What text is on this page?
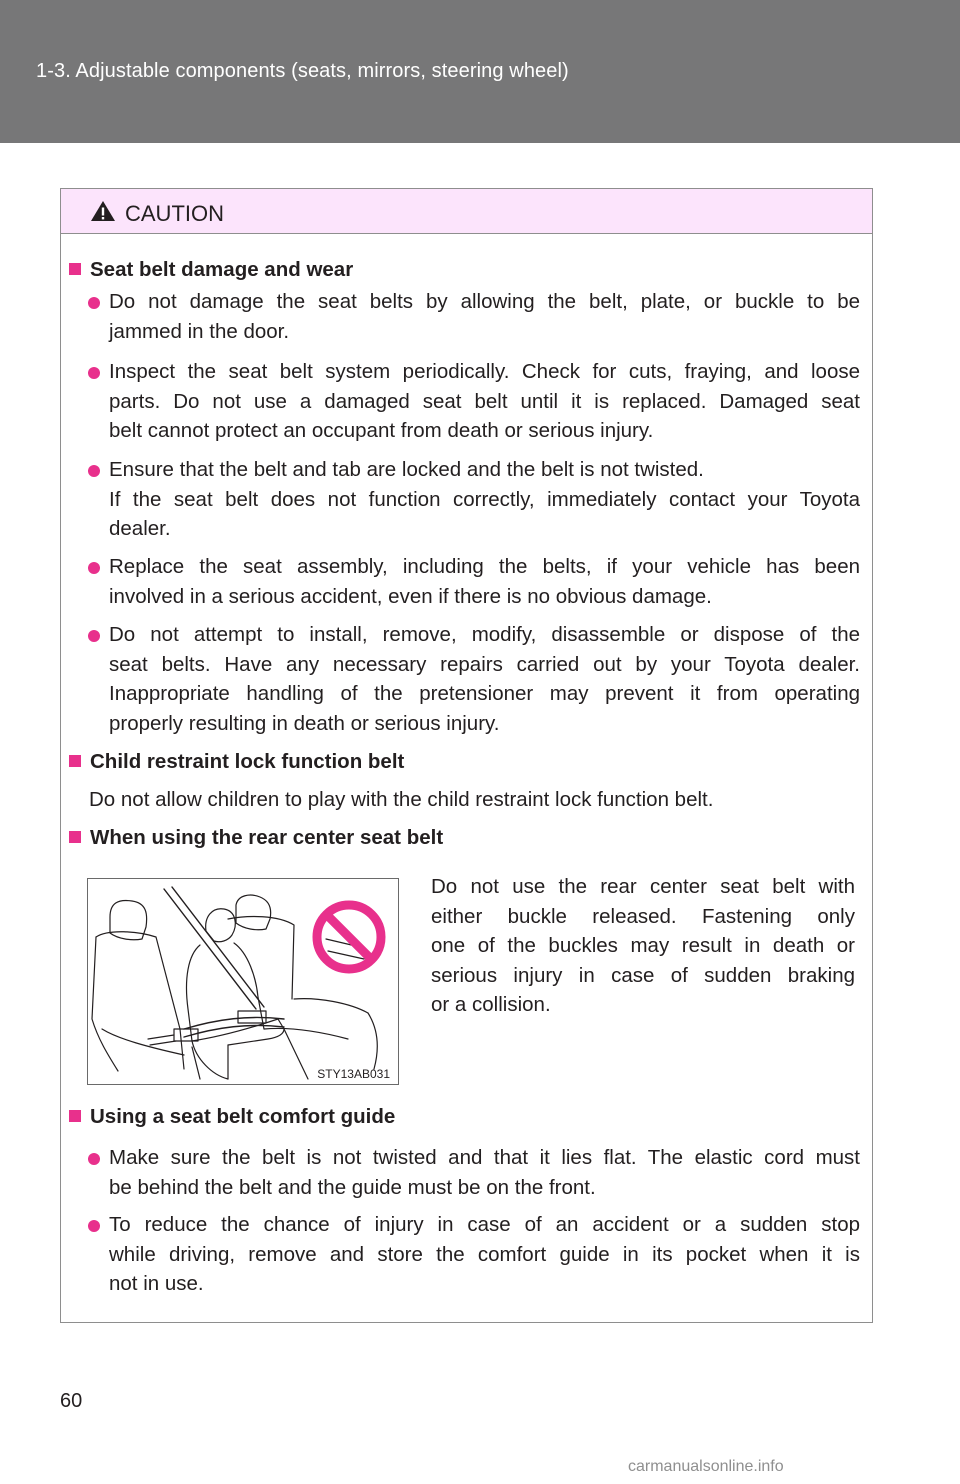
1-3. Adjustable components (seats, mirrors, steering wheel)
CAUTION
Seat belt damage and wear
Do not damage the seat belts by allowing the belt, plate, or buckle to be
jammed in the door.
Inspect the seat belt system periodically. Check for cuts, fraying, and loose
parts. Do not use a damaged seat belt until it is replaced. Damaged seat
belt cannot protect an occupant from death or serious injury.
Ensure that the belt and tab are locked and the belt is not twisted.
If the seat belt does not function correctly, immediately contact your Toyota
dealer.
Replace the seat assembly, including the belts, if your vehicle has been
involved in a serious accident, even if there is no obvious damage.
Do not attempt to install, remove, modify, disassemble or dispose of the
seat belts. Have any necessary repairs carried out by your Toyota dealer.
Inappropriate handling of the pretensioner may prevent it from operating
properly resulting in death or serious injury.
Child restraint lock function belt
Do not allow children to play with the child restraint lock function belt.
When using the rear center seat belt
STY13AB031
Do not use the rear center seat belt with
either buckle released. Fastening only
one of the buckles may result in death or
serious injury in case of sudden braking
or a collision.
Using a seat belt comfort guide
Make sure the belt is not twisted and that it lies flat. The elastic cord must
be behind the belt and the guide must be on the front.
To reduce the chance of injury in case of an accident or a sudden stop
while driving, remove and store the comfort guide in its pocket when it is
not in use.
60
carmanualsonline.info
